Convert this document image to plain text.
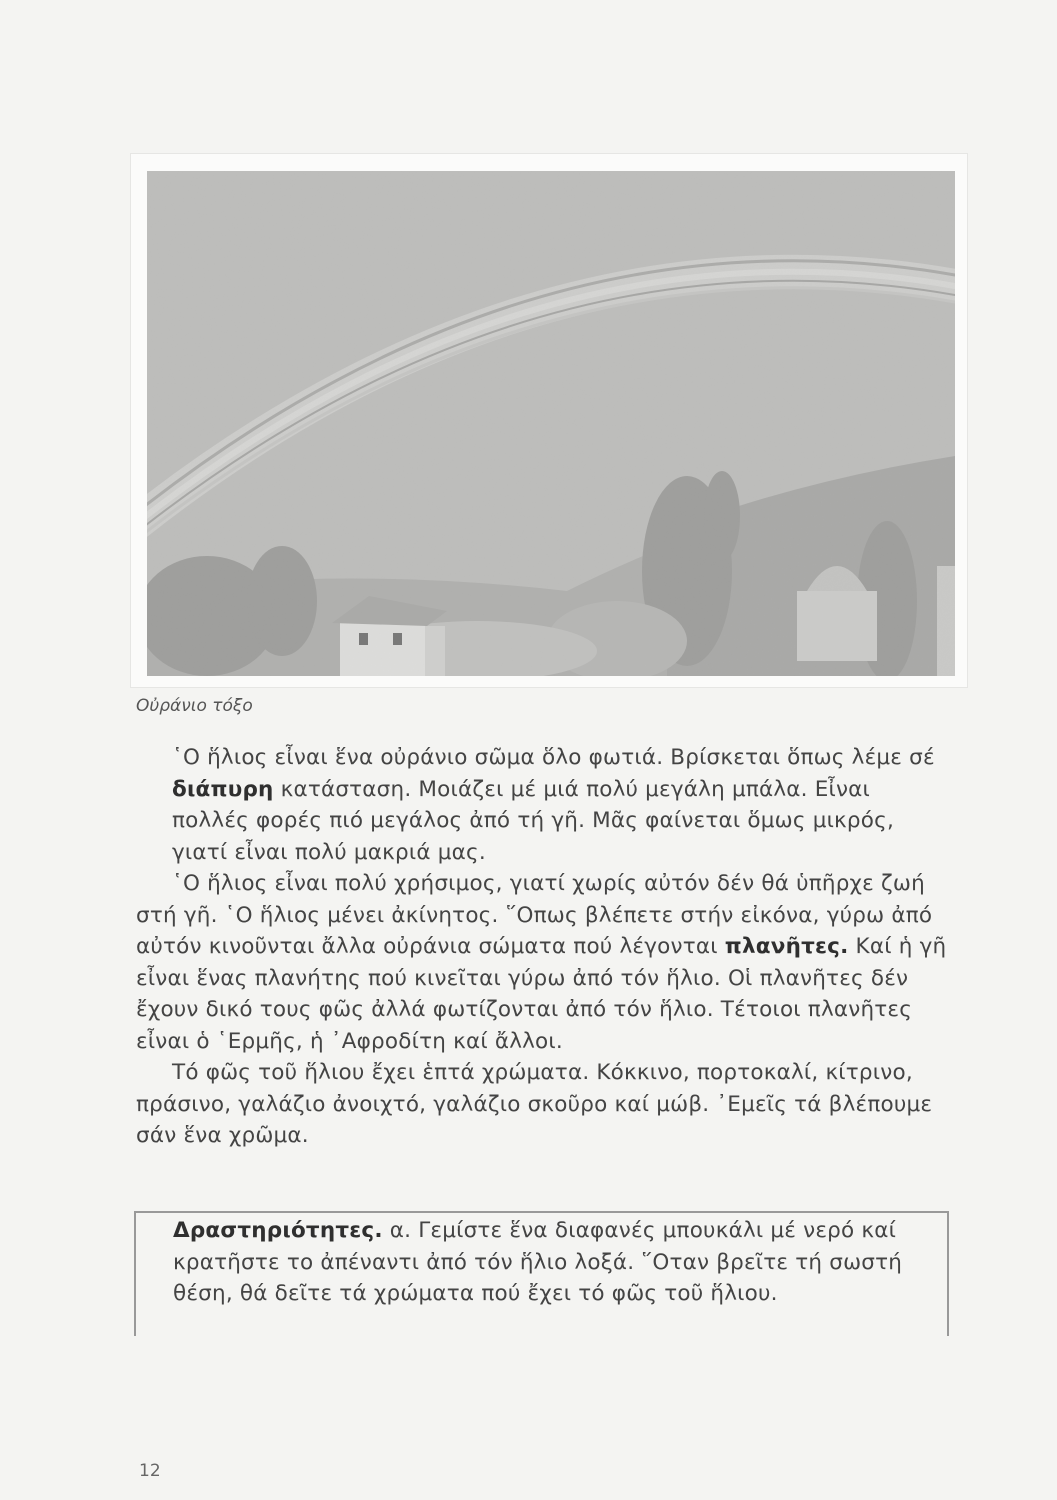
Οὐράνιο τόξο

῾Ο ἥλιος εἶναι ἕνα οὐράνιο σῶμα ὅλο φωτιά. Βρίσκεται ὅπως λέμε σέ διάπυρη κατάσταση. Μοιάζει μέ μιά πολύ μεγάλη μπάλα. Εἶναι πολλές φορές πιό μεγάλος ἀπό τή γῆ. Μᾶς φαίνεται ὅμως μικρός, γιατί εἶναι πολύ μακριά μας.

῾Ο ἥλιος εἶναι πολύ χρήσιμος, γιατί χωρίς αὐτόν δέν θά ὑπῆρχε ζωή στή γῆ. ῾Ο ἥλιος μένει ἀκίνητος. ῞Οπως βλέπετε στήν εἰκόνα, γύρω ἀπό αὐτόν κινοῦνται ἄλλα οὐράνια σώματα πού λέγονται πλανῆτες. Καί ἡ γῆ εἶναι ἕνας πλανήτης πού κινεῖται γύρω ἀπό τόν ἥλιο. Οἱ πλανῆτες δέν ἔχουν δικό τους φῶς ἀλλά φωτίζονται ἀπό τόν ἥλιο. Τέτοιοι πλανῆτες εἶναι ὁ ῾Ερμῆς, ἡ ᾿Αφροδίτη καί ἄλλοι.

Τό φῶς τοῦ ἥλιου ἔχει ἑπτά χρώματα. Κόκκινο, πορτοκαλί, κίτρινο, πράσινο, γαλάζιο ἀνοιχτό, γαλάζιο σκοῦρο καί μώβ. ᾿Εμεῖς τά βλέπουμε σάν ἕνα χρῶμα.

Δραστηριότητες. α. Γεμίστε ἕνα διαφανές μπουκάλι μέ νερό καί κρατῆστε το ἀπέναντι ἀπό τόν ἥλιο λοξά. ῞Οταν βρεῖτε τή σωστή θέση, θά δεῖτε τά χρώματα πού ἔχει τό φῶς τοῦ ἥλιου.
12
